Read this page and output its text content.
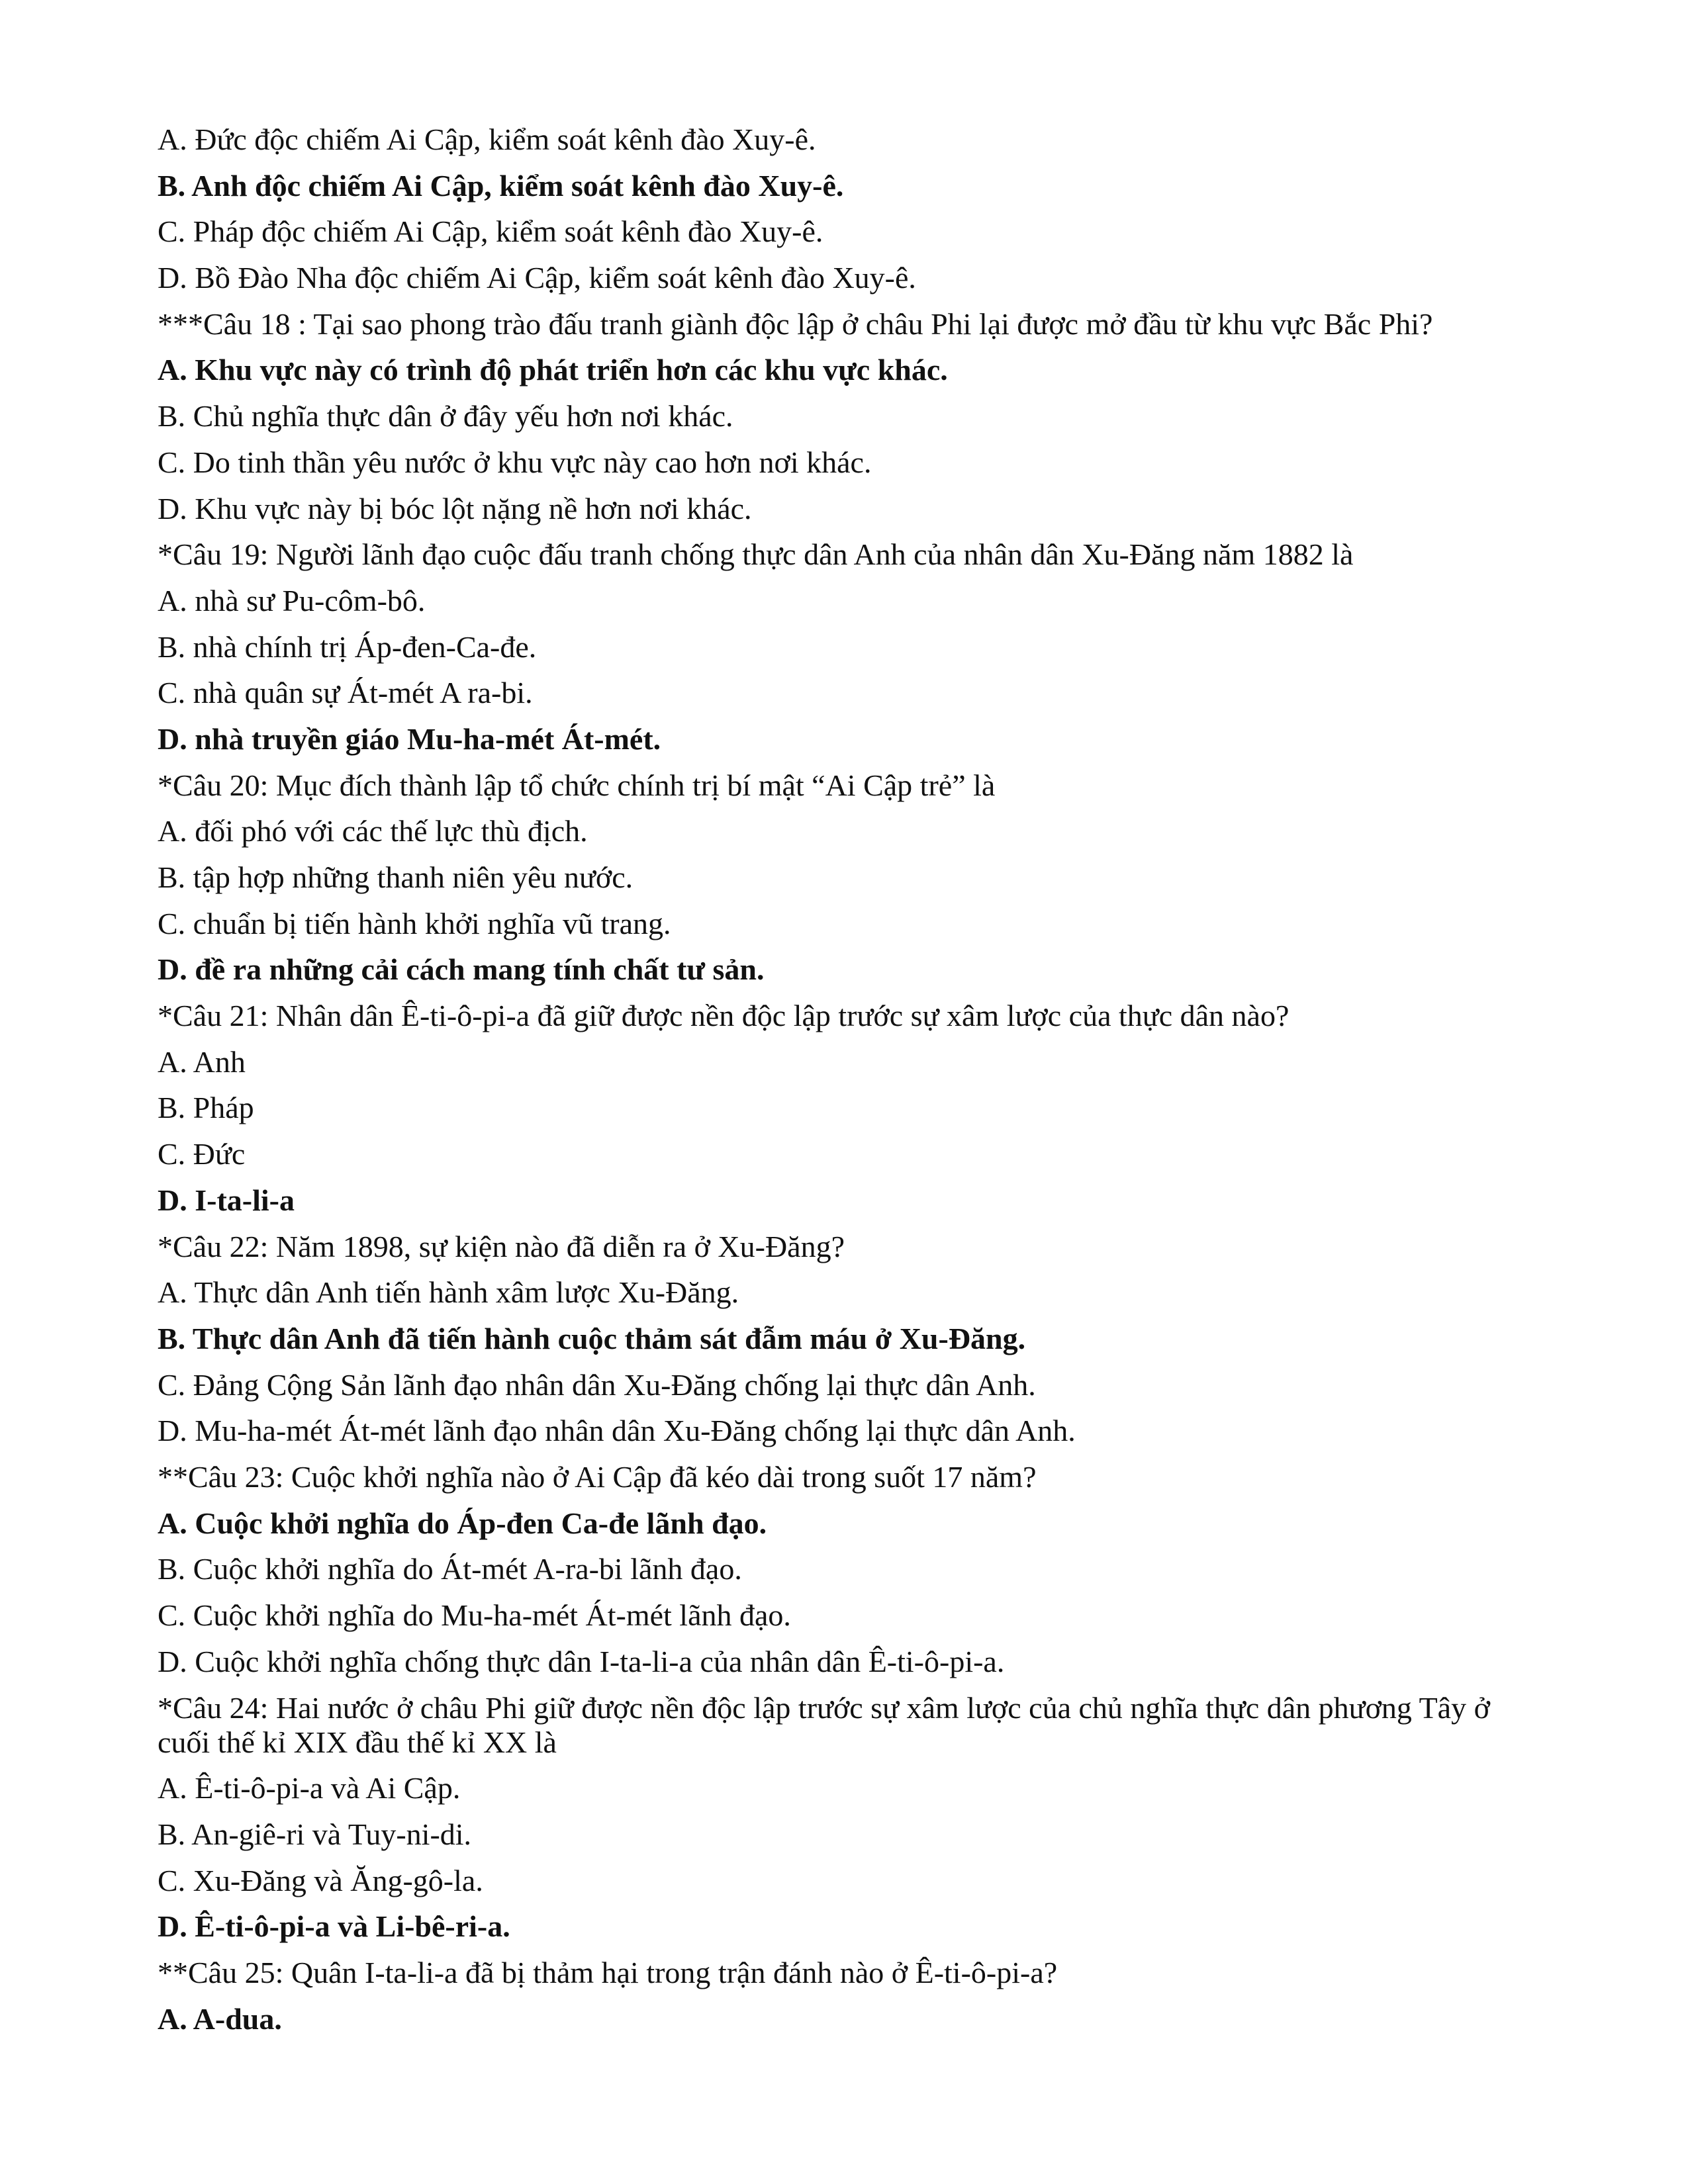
A. Đức độc chiếm Ai Cập, kiểm soát kênh đào Xuy-ê.
B. Anh độc chiếm Ai Cập, kiểm soát kênh đào Xuy-ê.
C. Pháp độc chiếm Ai Cập, kiểm soát kênh đào Xuy-ê.
D. Bồ Đào Nha độc chiếm Ai Cập, kiểm soát kênh đào Xuy-ê.
***Câu 18 : Tại sao phong trào đấu tranh giành độc lập ở châu Phi lại được mở đầu từ khu vực Bắc Phi?
A. Khu vực này có trình độ phát triển hơn các khu vực khác.
B. Chủ nghĩa thực dân ở đây yếu hơn nơi khác.
C. Do tinh thần yêu nước ở khu vực này cao hơn nơi khác.
D. Khu vực này bị bóc lột nặng nề hơn nơi khác.
*Câu 19: Người lãnh đạo cuộc đấu tranh chống thực dân Anh của nhân dân Xu-Đăng năm 1882 là
A. nhà sư Pu-côm-bô.
B. nhà chính trị Áp-đen-Ca-đe.
C. nhà quân sự Át-mét A ra-bi.
D. nhà truyền giáo Mu-ha-mét Át-mét.
*Câu 20: Mục đích thành lập tổ chức chính trị bí mật “Ai Cập trẻ” là
A. đối phó với các thế lực thù địch.
B. tập hợp những thanh niên yêu nước.
C. chuẩn bị tiến hành khởi nghĩa vũ trang.
D. đề ra những cải cách mang tính chất tư sản.
*Câu 21: Nhân dân Ê-ti-ô-pi-a đã giữ được nền độc lập trước sự xâm lược của thực dân nào?
A. Anh
B. Pháp
C. Đức
D. I-ta-li-a
*Câu 22: Năm 1898, sự kiện nào đã diễn ra ở Xu-Đăng?
A. Thực dân Anh tiến hành xâm lược Xu-Đăng.
B. Thực dân Anh đã tiến hành cuộc thảm sát đẫm máu ở Xu-Đăng.
C. Đảng Cộng Sản lãnh đạo nhân dân Xu-Đăng chống lại thực dân Anh.
D. Mu-ha-mét Át-mét lãnh đạo nhân dân Xu-Đăng chống lại thực dân Anh.
**Câu 23: Cuộc khởi nghĩa nào ở Ai Cập đã kéo dài trong suốt 17 năm?
A. Cuộc khởi nghĩa do Áp-đen Ca-đe lãnh đạo.
B. Cuộc khởi nghĩa do Át-mét A-ra-bi lãnh đạo.
C. Cuộc khởi nghĩa do Mu-ha-mét Át-mét lãnh đạo.
D. Cuộc khởi nghĩa chống thực dân I-ta-li-a của nhân dân Ê-ti-ô-pi-a.
*Câu 24: Hai nước ở châu Phi giữ được nền độc lập trước sự xâm lược của chủ nghĩa thực dân phương Tây ở cuối thế kỉ XIX đầu thế kỉ XX là
A. Ê-ti-ô-pi-a và Ai Cập.
B. An-giê-ri và Tuy-ni-di.
C. Xu-Đăng và Ăng-gô-la.
D. Ê-ti-ô-pi-a và Li-bê-ri-a.
**Câu 25: Quân I-ta-li-a đã bị thảm hại trong trận đánh nào ở Ê-ti-ô-pi-a?
A. A-dua.
